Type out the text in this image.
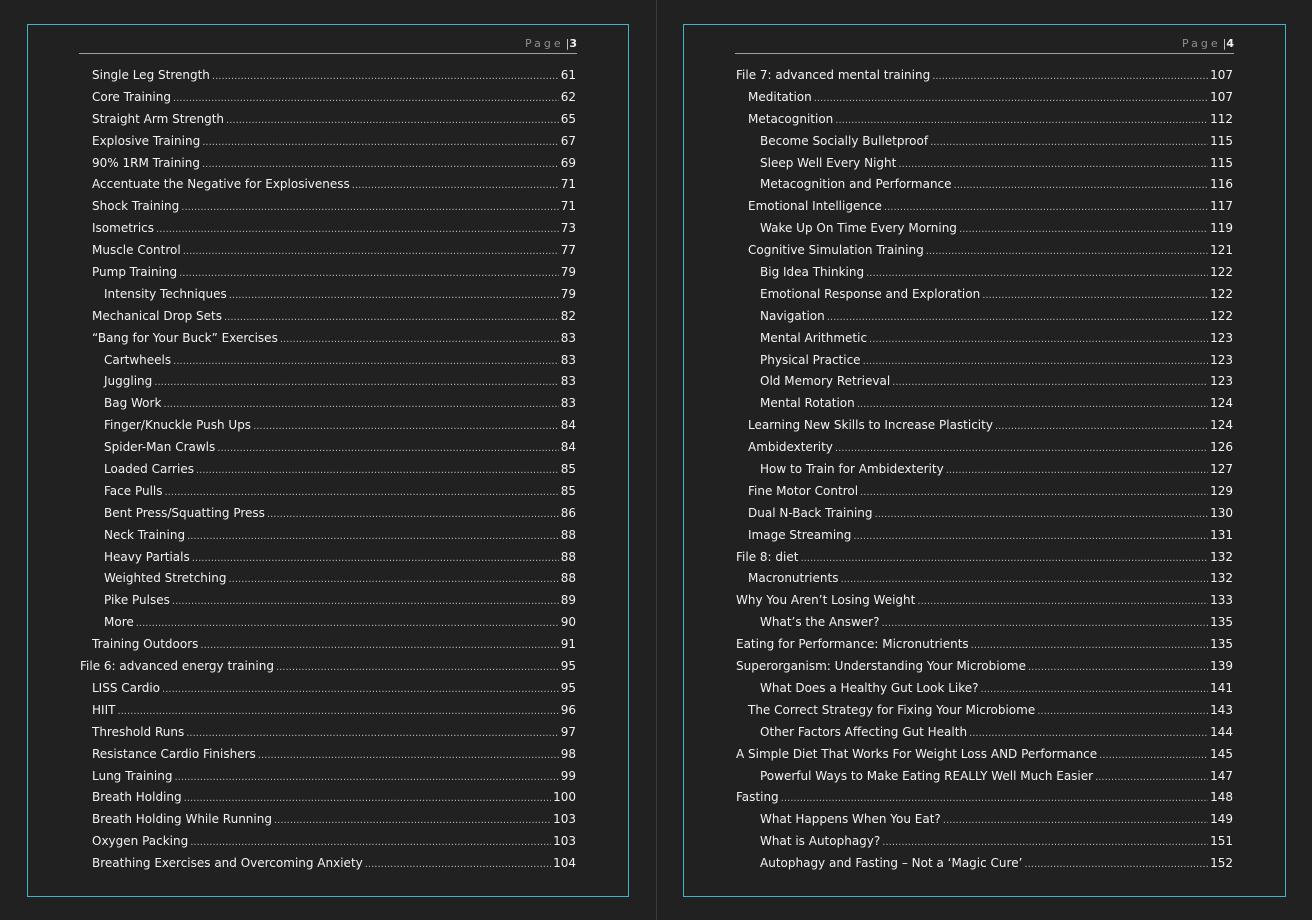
Page |3
Single Leg Strength .....	61
Core Training .....	62
Straight Arm Strength .....	65
Explosive Training .....	67
90% 1RM Training .....	69
Accentuate the Negative for Explosiveness .....	71
Shock Training .....	71
Isometrics .....	73
Muscle Control .....	77
Pump Training .....	79
Intensity Techniques .....	79
Mechanical Drop Sets .....	82
“Bang for Your Buck” Exercises .....	83
Cartwheels .....	83
Juggling .....	83
Bag Work .....	83
Finger/Knuckle Push Ups .....	84
Spider-Man Crawls .....	84
Loaded Carries .....	85
Face Pulls .....	85
Bent Press/Squatting Press .....	86
Neck Training .....	88
Heavy Partials .....	88
Weighted Stretching .....	88
Pike Pulses .....	89
More .....	90
Training Outdoors .....	91
File 6: advanced energy training .....	95
LISS Cardio .....	95
HIIT .....	96
Threshold Runs .....	97
Resistance Cardio Finishers .....	98
Lung Training .....	99
Breath Holding .....	100
Breath Holding While Running .....	103
Oxygen Packing .....	103
Breathing Exercises and Overcoming Anxiety .....	104
Page |4
File 7: advanced mental training .....	107
Meditation .....	107
Metacognition .....	112
Become Socially Bulletproof .....	115
Sleep Well Every Night .....	115
Metacognition and Performance .....	116
Emotional Intelligence .....	117
Wake Up On Time Every Morning .....	119
Cognitive Simulation Training .....	121
Big Idea Thinking .....	122
Emotional Response and Exploration .....	122
Navigation .....	122
Mental Arithmetic .....	123
Physical Practice .....	123
Old Memory Retrieval .....	123
Mental Rotation .....	124
Learning New Skills to Increase Plasticity .....	124
Ambidexterity .....	126
How to Train for Ambidexterity .....	127
Fine Motor Control .....	129
Dual N-Back Training .....	130
Image Streaming .....	131
File 8: diet .....	132
Macronutrients .....	132
Why You Aren’t Losing Weight .....	133
What’s the Answer? .....	135
Eating for Performance: Micronutrients .....	135
Superorganism: Understanding Your Microbiome .....	139
What Does a Healthy Gut Look Like? .....	141
The Correct Strategy for Fixing Your Microbiome .....	143
Other Factors Affecting Gut Health .....	144
A Simple Diet That Works For Weight Loss AND Performance .....	145
Powerful Ways to Make Eating REALLY Well Much Easier .....	147
Fasting .....	148
What Happens When You Eat? .....	149
What is Autophagy? .....	151
Autophagy and Fasting – Not a ‘Magic Cure’ .....	152
